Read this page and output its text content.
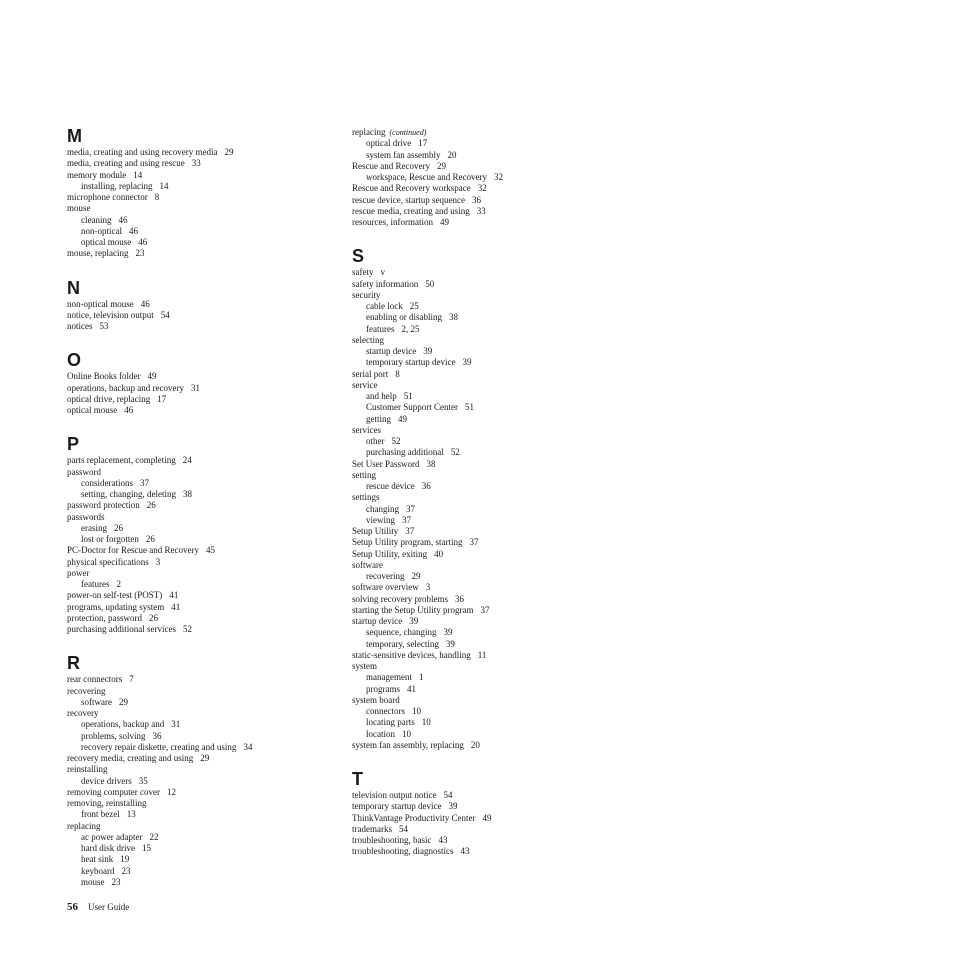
M
media, creating and using recovery media 29
media, creating and using rescue 33
memory module 14
installing, replacing 14
microphone connector 8
mouse
cleaning 46
non-optical 46
optical mouse 46
mouse, replacing 23
N
non-optical mouse 46
notice, television output 54
notices 53
O
Online Books folder 49
operations, backup and recovery 31
optical drive, replacing 17
optical mouse 46
P
parts replacement, completing 24
password
considerations 37
setting, changing, deleting 38
password protection 26
passwords
erasing 26
lost or forgotten 26
PC-Doctor for Rescue and Recovery 45
physical specifications 3
power
features 2
power-on self-test (POST) 41
programs, updating system 41
protection, password 26
purchasing additional services 52
R
rear connectors 7
recovering
software 29
recovery
operations, backup and 31
problems, solving 36
recovery repair diskette, creating and using 34
recovery media, creating and using 29
reinstalling
device drivers 35
removing computer cover 12
removing, reinstalling
front bezel 13
replacing
ac power adapter 22
hard disk drive 15
heat sink 19
keyboard 23
mouse 23
replacing (continued)
optical drive 17
system fan assembly 20
Rescue and Recovery 29
workspace, Rescue and Recovery 32
Rescue and Recovery workspace 32
rescue device, startup sequence 36
rescue media, creating and using 33
resources, information 49
S
safety v
safety information 50
security
cable lock 25
enabling or disabling 38
features 2, 25
selecting
startup device 39
temporary startup device 39
serial port 8
service
and help 51
Customer Support Center 51
getting 49
services
other 52
purchasing additional 52
Set User Password 38
setting
rescue device 36
settings
changing 37
viewing 37
Setup Utility 37
Setup Utility program, starting 37
Setup Utility, exiting 40
software
recovering 29
software overview 3
solving recovery problems 36
starting the Setup Utility program 37
startup device 39
sequence, changing 39
temporary, selecting 39
static-sensitive devices, handling 11
system
management 1
programs 41
system board
connectors 10
locating parts 10
location 10
system fan assembly, replacing 20
T
television output notice 54
temporary startup device 39
ThinkVantage Productivity Center 49
trademarks 54
troubleshooting, basic 43
troubleshooting, diagnostics 43
56 User Guide
